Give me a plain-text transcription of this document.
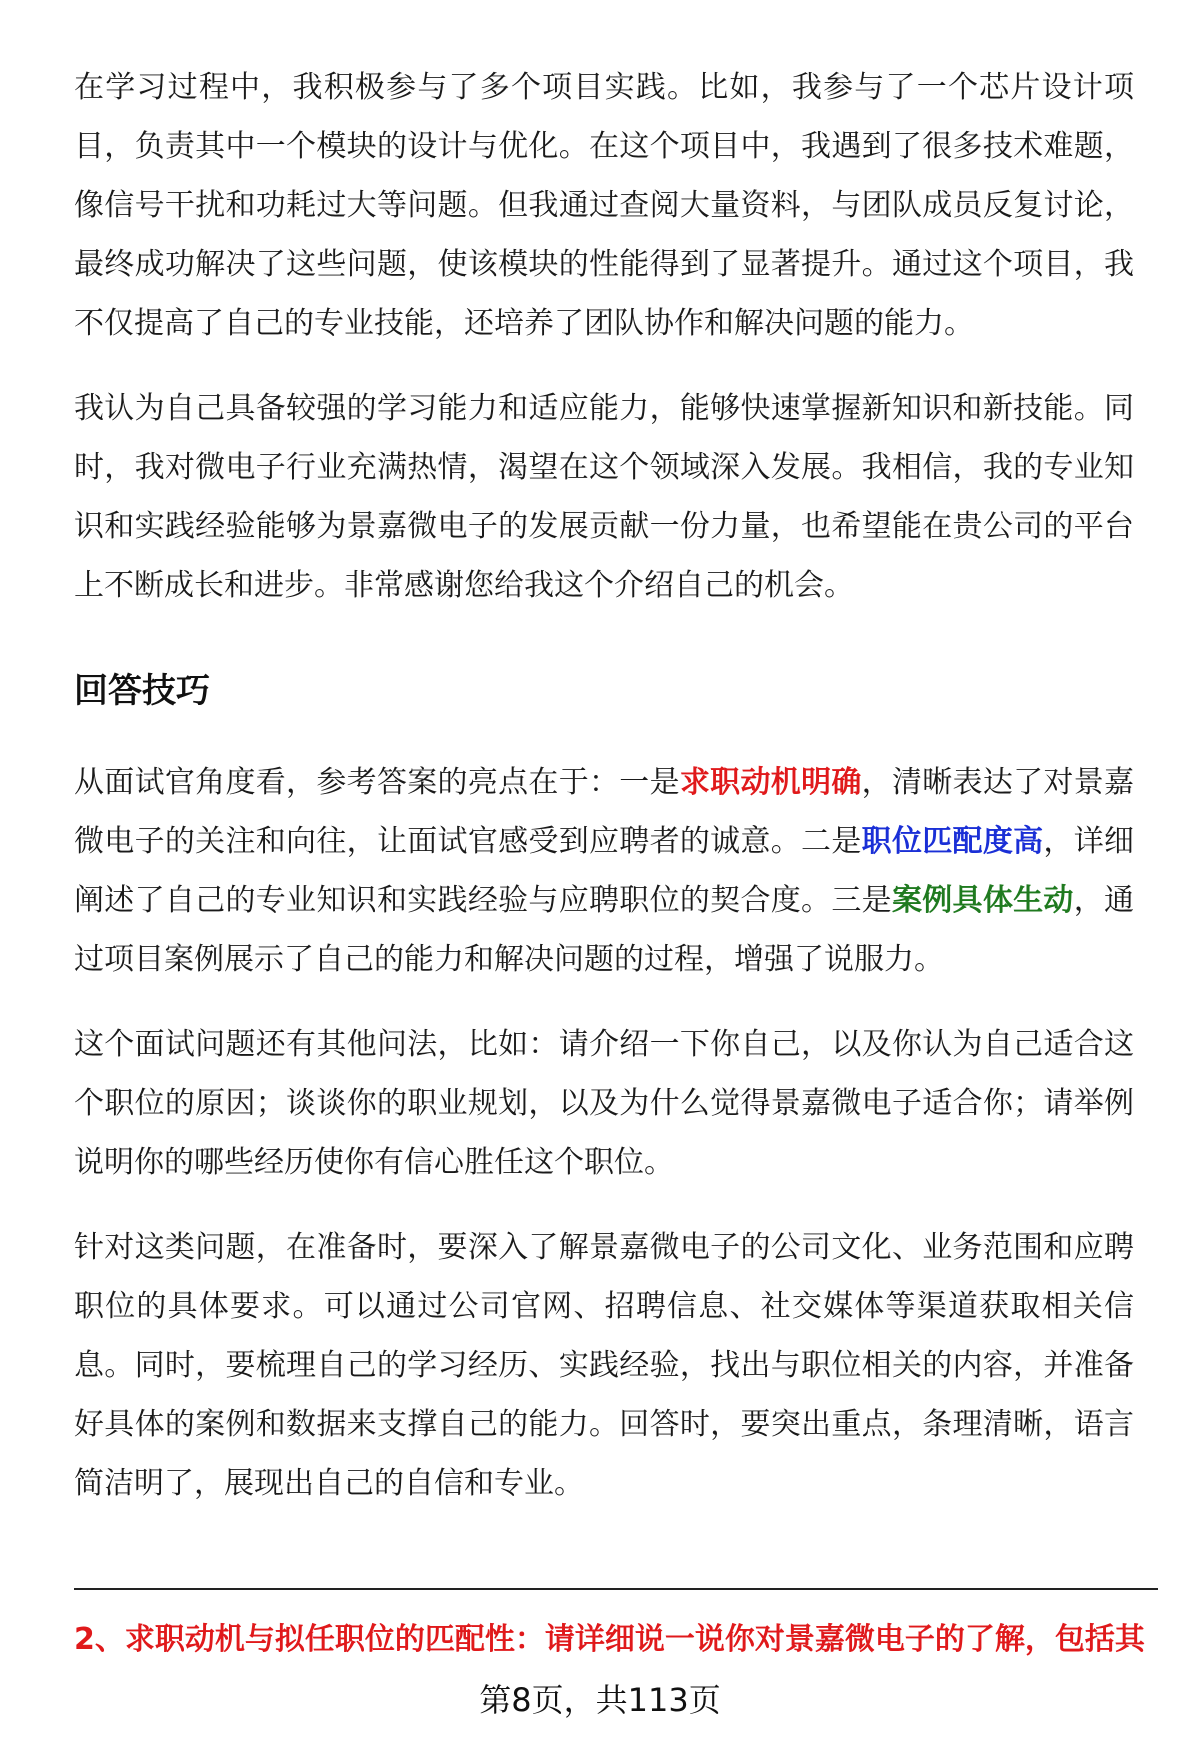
在学习过程中，我积极参与了多个项目实践。比如，我参与了一个芯片设计项目，负责其中一个模块的设计与优化。在这个项目中，我遇到了很多技术难题，像信号干扰和功耗过大等问题。但我通过查阅大量资料，与团队成员反复讨论，最终成功解决了这些问题，使该模块的性能得到了显著提升。通过这个项目，我不仅提高了自己的专业技能，还培养了团队协作和解决问题的能力。

我认为自己具备较强的学习能力和适应能力，能够快速掌握新知识和新技能。同时，我对微电子行业充满热情，渴望在这个领域深入发展。我相信，我的专业知识和实践经验能够为景嘉微电子的发展贡献一份力量，也希望能在贵公司的平台上不断成长和进步。非常感谢您给我这个介绍自己的机会。

回答技巧

从面试官角度看，参考答案的亮点在于：一是求职动机明确，清晰表达了对景嘉微电子的关注和向往，让面试官感受到应聘者的诚意。二是职位匹配度高，详细阐述了自己的专业知识和实践经验与应聘职位的契合度。三是案例具体生动，通过项目案例展示了自己的能力和解决问题的过程，增强了说服力。

这个面试问题还有其他问法，比如：请介绍一下你自己，以及你认为自己适合这个职位的原因；谈谈你的职业规划，以及为什么觉得景嘉微电子适合你；请举例说明你的哪些经历使你有信心胜任这个职位。

针对这类问题，在准备时，要深入了解景嘉微电子的公司文化、业务范围和应聘职位的具体要求。可以通过公司官网、招聘信息、社交媒体等渠道获取相关信息。同时，要梳理自己的学习经历、实践经验，找出与职位相关的内容，并准备好具体的案例和数据来支撑自己的能力。回答时，要突出重点，条理清晰，语言简洁明了，展现出自己的自信和专业。

2、求职动机与拟任职位的匹配性：请详细说一说你对景嘉微电子的了解，包括其
第8页，共113页
